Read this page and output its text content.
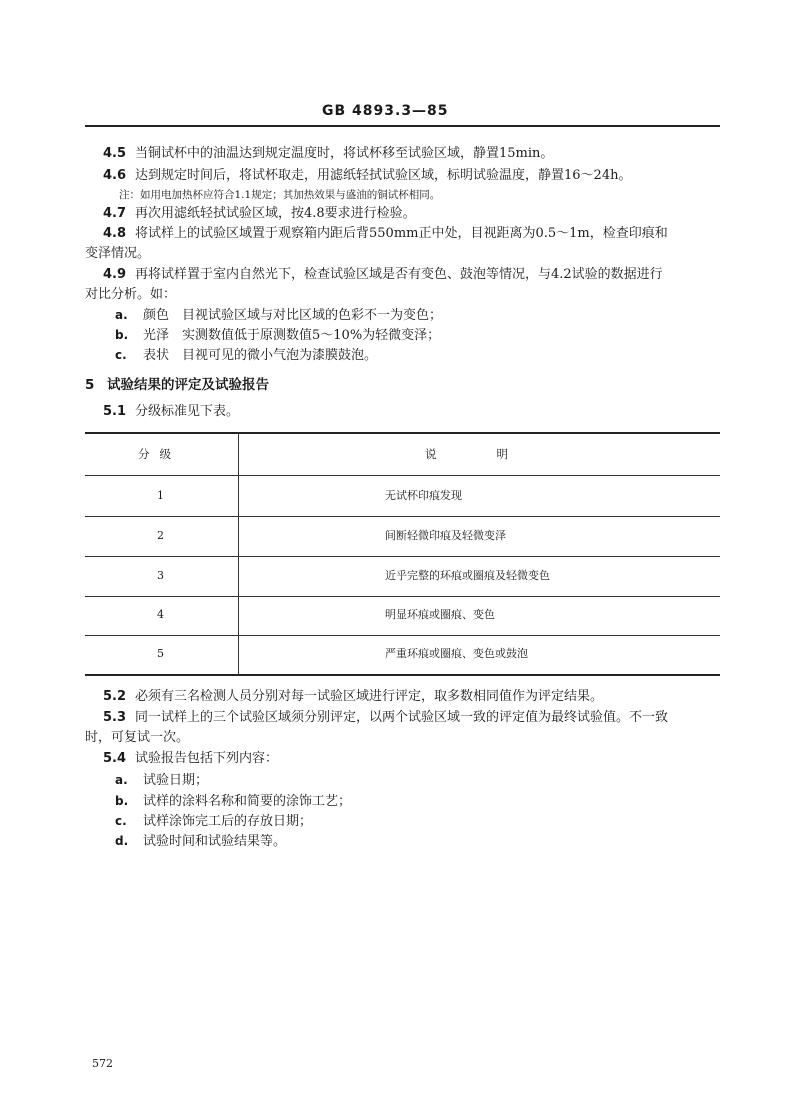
GB 4893.3—85
4.5 当铜试杯中的油温达到规定温度时，将试杯移至试验区域，静置15min。
4.6 达到规定时间后，将试杯取走，用滤纸轻拭试验区域，标明试验温度，静置16～24h。
注：如用电加热杯应符合1.1规定；其加热效果与盛油的铜试杯相同。
4.7 再次用滤纸轻拭试验区域，按4.8要求进行检验。
4.8 将试样上的试验区域置于观察箱内距后背550mm正中处，目视距离为0.5～1m，检查印痕和
变泽情况。
4.9 再将试样置于室内自然光下，检查试验区域是否有变色、鼓泡等情况，与4.2试验的数据进行
对比分析。如：
a. 颜色　目视试验区域与对比区域的色彩不一为变色；
b. 光泽　实测数值低于原测数值5～10%为轻微变泽；
c. 表状　目视可见的微小气泡为漆膜鼓泡。
5 试验结果的评定及试验报告
5.1 分级标准见下表。
分级	说明
1	无试杯印痕发现
2	间断轻微印痕及轻微变泽
3	近乎完整的环痕或圈痕及轻微变色
4	明显环痕或圈痕、变色
5	严重环痕或圈痕、变色或鼓泡
5.2 必须有三名检测人员分别对每一试验区域进行评定，取多数相同值作为评定结果。
5.3 同一试样上的三个试验区域须分别评定，以两个试验区域一致的评定值为最终试验值。不一致
时，可复试一次。
5.4 试验报告包括下列内容：
a. 试验日期；
b. 试样的涂料名称和简要的涂饰工艺；
c. 试样涂饰完工后的存放日期；
d. 试验时间和试验结果等。
572
